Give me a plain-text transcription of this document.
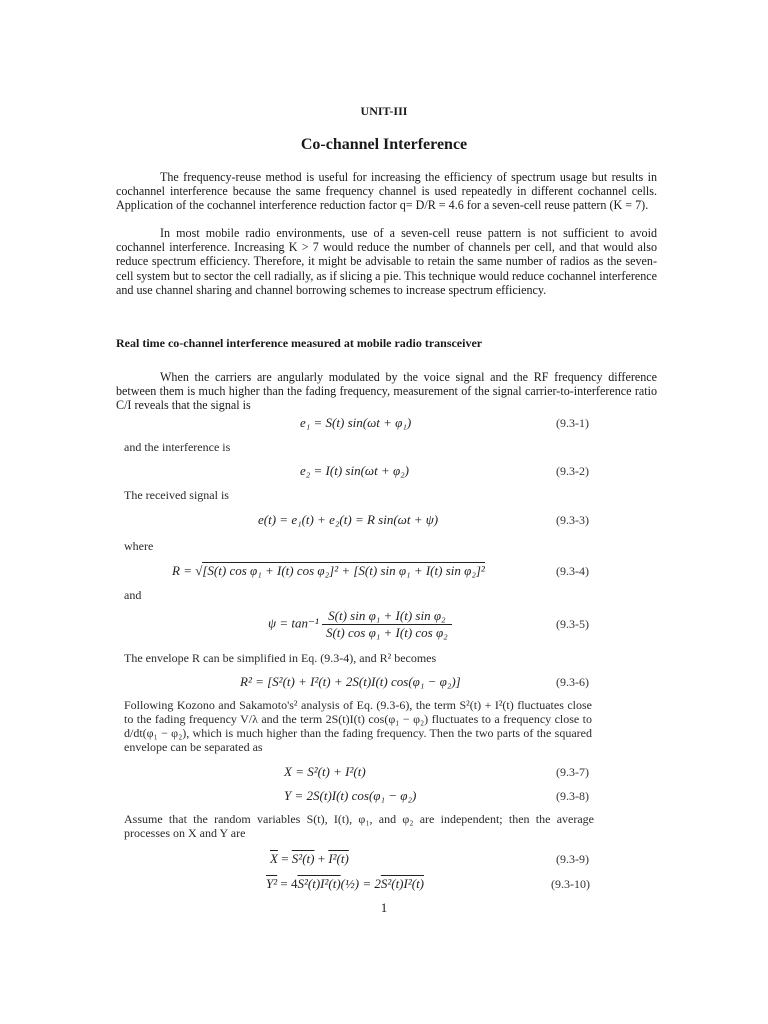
UNIT-III

Co-channel Interference

The frequency-reuse method is useful for increasing the efficiency of spectrum usage but results in cochannel interference because the same frequency channel is used repeatedly in different cochannel cells. Application of the cochannel interference reduction factor q= D/R = 4.6 for a seven-cell reuse pattern (K = 7).

In most mobile radio environments, use of a seven-cell reuse pattern is not sufficient to avoid cochannel interference. Increasing K > 7 would reduce the number of channels per cell, and that would also reduce spectrum efficiency. Therefore, it might be advisable to retain the same number of radios as the seven-cell system but to sector the cell radially, as if slicing a pie. This technique would reduce cochannel interference and use channel sharing and channel borrowing schemes to increase spectrum efficiency.

Real time co-channel interference measured at mobile radio transceiver

When the carriers are angularly modulated by the voice signal and the RF frequency difference between them is much higher than the fading frequency, measurement of the signal carrier-to-interference ratio C/I reveals that the signal is

e₁ = S(t) sin(ωt + φ₁)	(9.3-1)

and the interference is

e₂ = I(t) sin(ωt + φ₂)	(9.3-2)

The received signal is

e(t) = e₁(t) + e₂(t) = R sin(ωt + ψ)	(9.3-3)

where

R = √[S(t) cos φ₁ + I(t) cos φ₂]² + [S(t) sin φ₁ + I(t) sin φ₂]²	(9.3-4)

and

$\psi = \tan^{-1} \frac{\text{S(t) sin φ₁ + I(t) sin φ₂}}{\text{S(t) cos φ₁ + I(t) cos φ₂}}$	(9.3-5)

The envelope R can be simplified in Eq. (9.3-4), and R² becomes

R² = [S²(t) + I²(t) + 2S(t)I(t) cos(φ₁ − φ₂)]	(9.3-6)

Following Kozono and Sakamoto's² analysis of Eq. (9.3-6), the term S²(t) + I²(t) fluctuates close to the fading frequency V/λ and the term 2S(t)I(t) cos(φ₁ − φ₂) fluctuates to a frequency close to d/dt(φ₁ − φ₂), which is much higher than the fading frequency. Then the two parts of the squared envelope can be separated as

X = S²(t) + I²(t)	(9.3-7)
Y = 2S(t)I(t) cos(φ₁ − φ₂)	(9.3-8)

Assume that the random variables S(t), I(t), φ₁, and φ₂ are independent; then the average processes on X and Y are

$\overline{X} = S^2(t) + I^2(t)$	(9.3-9)
Y² = 4S²(t)I²(t)(½) = 2S²(t)I²(t)	(9.3-10)

1
